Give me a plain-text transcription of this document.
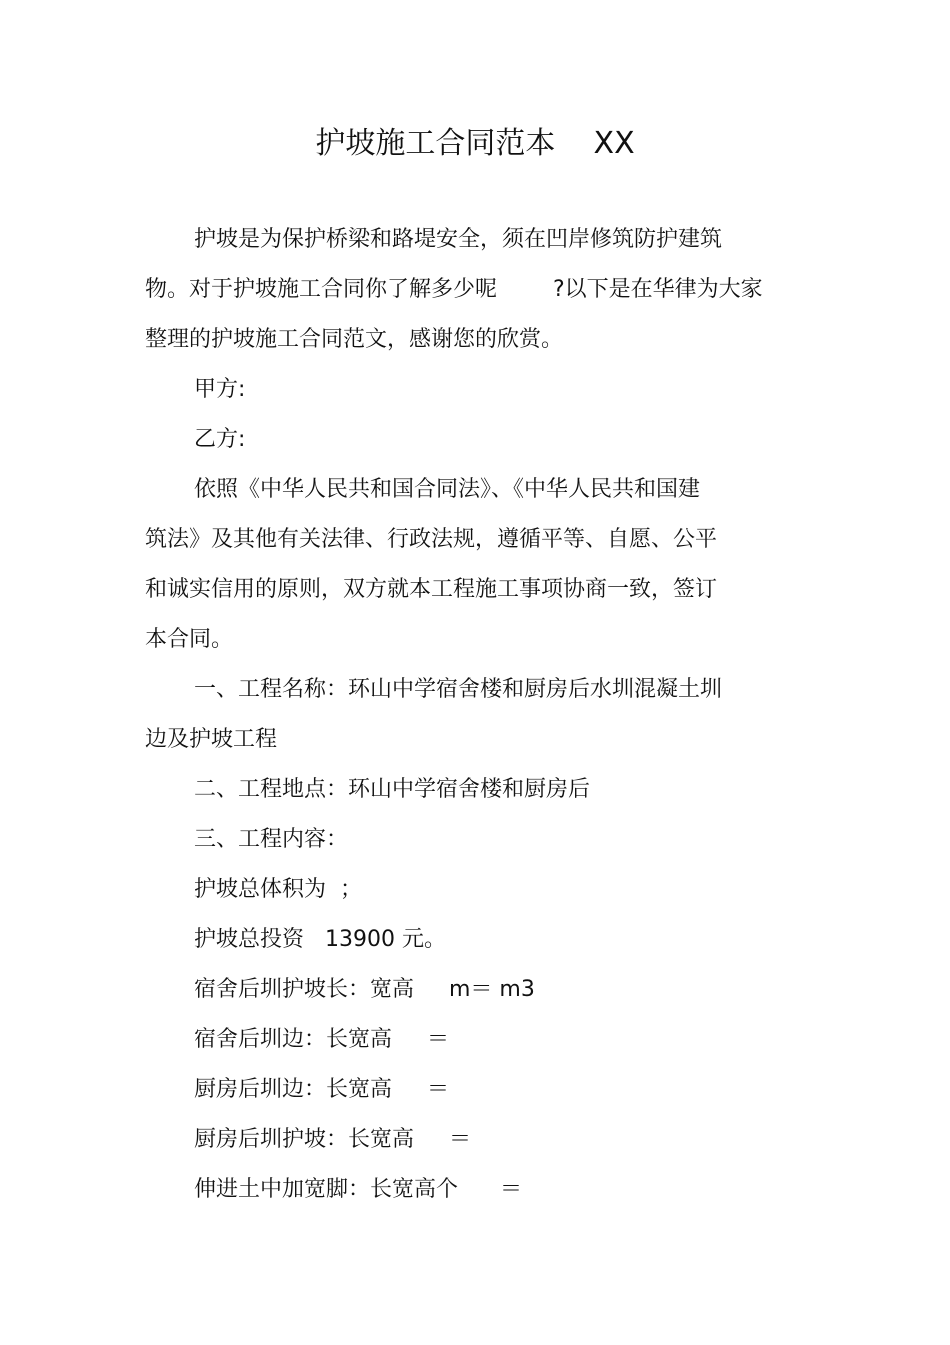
护坡施工合同范本    XX
护坡是为保护桥梁和路堤安全，须在凹岸修筑防护建筑
物。对于护坡施工合同你了解多少呢        ?以下是在华律为大家
整理的护坡施工合同范文，感谢您的欣赏。
甲方:
乙方:
依照《中华人民共和国合同法》、《中华人民共和国建
筑法》及其他有关法律、行政法规，遵循平等、自愿、公平
和诚实信用的原则，双方就本工程施工事项协商一致，签订
本合同。
一、工程名称：环山中学宿舍楼和厨房后水圳混凝土圳
边及护坡工程
二、工程地点：环山中学宿舍楼和厨房后
三、工程内容：
护坡总体积为  ；
护坡总投资   13900 元。
宿舍后圳护坡长：宽高     m＝ m3
宿舍后圳边：长宽高     ＝
厨房后圳边：长宽高     ＝
厨房后圳护坡：长宽高     ＝
伸进土中加宽脚：长宽高个      ＝
